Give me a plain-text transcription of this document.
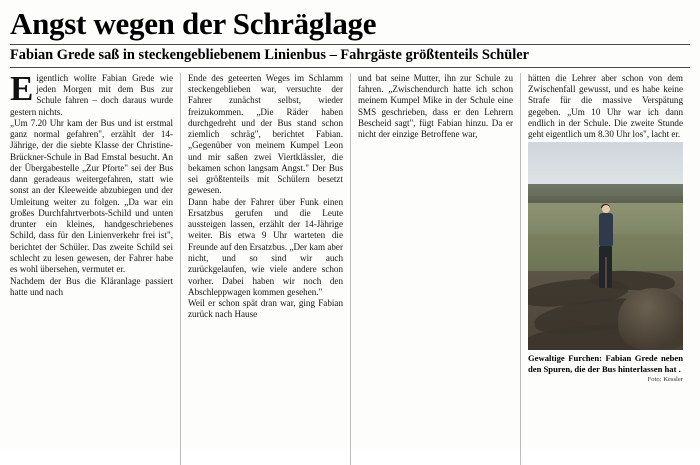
Angst wegen der Schräglage
Fabian Grede saß in steckengebliebenem Linienbus – Fahrgäste größtenteils Schüler

Eigentlich wollte Fabian Grede wie jeden Morgen mit dem Bus zur Schule fahren – doch daraus wurde gestern nichts.

„Um 7.20 Uhr kam der Bus und ist erstmal ganz normal gefahren", erzählt der 14-Jährige, der die siebte Klasse der Christine-Brückner-Schule in Bad Emstal besucht. An der Übergabestelle „Zur Pforte" sei der Bus dann geradeaus weitergefahren, statt wie sonst an der Kleeweide abzubiegen und der Umleitung weiter zu folgen. „Da war ein großes Durchfahrtverbots-Schild und unten drunter ein kleines, handgeschriebenes Schild, dass für den Linienverkehr frei ist", berichtet der Schüler. Das zweite Schild sei schlecht zu lesen gewesen, der Fahrer habe es wohl übersehen, vermutet er.

Nachdem der Bus die Kläranlage passiert hatte und nach

Ende des geteerten Weges im Schlamm steckengeblieben war, versuchte der Fahrer zunächst selbst, wieder freizukommen. „Die Räder haben durchgedreht und der Bus stand schon ziemlich schräg", berichtet Fabian. „Gegenüber von meinem Kumpel Leon und mir saßen zwei Viertklässler, die bekamen schon langsam Angst." Der Bus sei größtenteils mit Schülern besetzt gewesen.

Dann habe der Fahrer über Funk einen Ersatzbus gerufen und die Leute aussteigen lassen, erzählt der 14-Jährige weiter. Bis etwa 9 Uhr warteten die Freunde auf den Ersatzbus. „Der kam aber nicht, und so sind wir auch zurückgelaufen, wie viele andere schon vorher. Dabei haben wir noch den Abschleppwagen kommen gesehen."

Weil er schon spät dran war, ging Fabian zurück nach Hause

und bat seine Mutter, ihn zur Schule zu fahren. „Zwischendurch hatte ich schon meinem Kumpel Mike in der Schule eine SMS geschrieben, dass er den Lehrern Bescheid sagt", fügt Fabian hinzu. Da er nicht der einzige Betroffene war,

hätten die Lehrer aber schon von dem Zwischenfall gewusst, und es habe keine Strafe für die massive Verspätung gegeben. „Um 10 Uhr war ich dann endlich in der Schule. Die zweite Stunde geht eigentlich um 8.30 Uhr los", lacht er.

Gewaltige Furchen: Fabian Grede neben den Spuren, die der Bus hinterlassen hat .
Foto: Kessler
